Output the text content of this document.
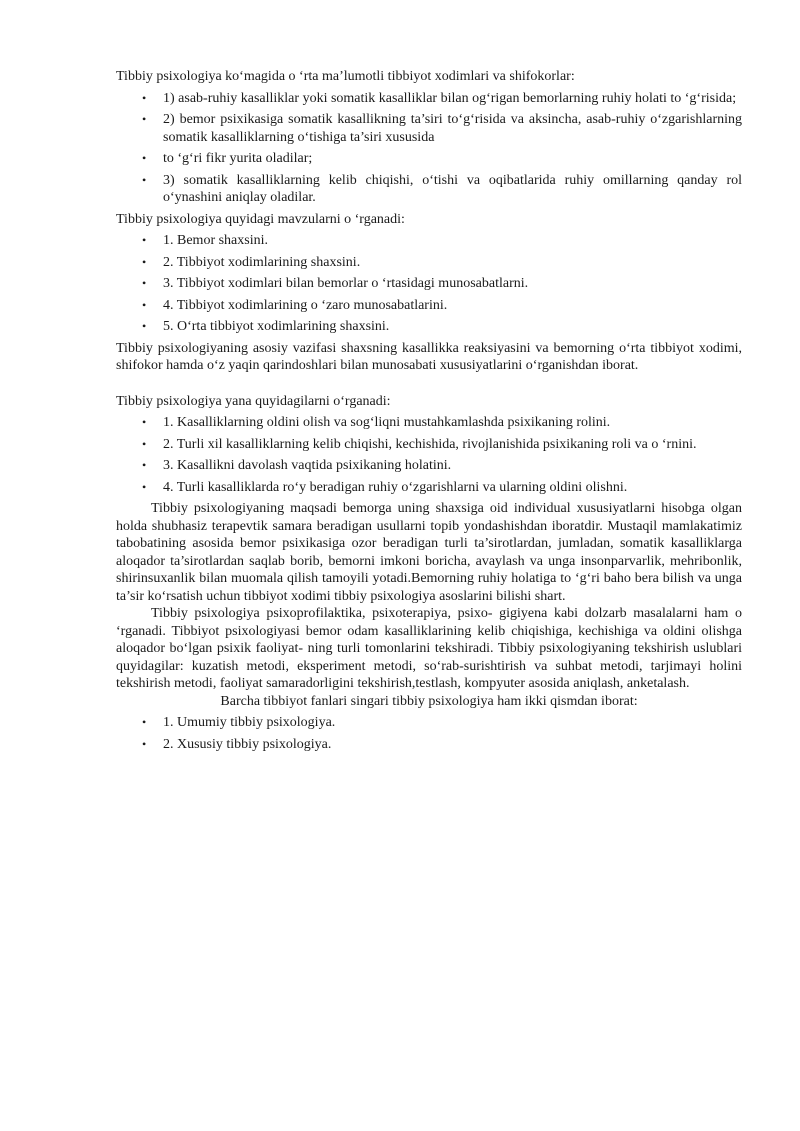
Tibbiy psixologiya ko‘magida o ‘rta ma’lumotli tibbiyot xodimlari va shifokorlar:

• 1) asab-ruhiy kasalliklar yoki somatik kasalliklar bilan og‘rigan bemorlarning ruhiy holati to ‘g‘risida;
• 2) bemor psixikasiga somatik kasallikning ta’siri to‘g‘risida va aksincha, asab-ruhiy o‘zgarishlarning somatik kasalliklarning o‘tishiga ta’siri xususida
• to ‘g‘ri fikr yurita oladilar;
• 3) somatik kasalliklarning kelib chiqishi, o‘tishi va oqibatlarida ruhiy omillarning qanday rol o‘ynashini aniqlay oladilar.

Tibbiy psixologiya quyidagi mavzularni o ‘rganadi:

• 1. Bemor shaxsini.
• 2. Tibbiyot xodimlarining shaxsini.
• 3. Tibbiyot xodimlari bilan bemorlar o ‘rtasidagi munosabatlarni.
• 4. Tibbiyot xodimlarining o ‘zaro munosabatlarini.
• 5. O‘rta tibbiyot xodimlarining shaxsini.

Tibbiy psixologiyaning asosiy vazifasi shaxsning kasallikka reaksiyasini va bemorning o‘rta tibbiyot xodimi, shifokor hamda o‘z yaqin qarindoshlari bilan munosabati xususiyatlarini o‘rganishdan iborat.

Tibbiy psixologiya yana quyidagilarni o‘rganadi:

• 1. Kasalliklarning oldini olish va sog‘liqni mustahkamlashda psixikaning rolini.
• 2. Turli xil kasalliklarning kelib chiqishi, kechishida, rivojlanishida psixikaning roli va o ‘rnini.
• 3. Kasallikni davolash vaqtida psixikaning holatini.
• 4. Turli kasalliklarda ro‘y beradigan ruhiy o‘zgarishlarni va ularning oldini olishni.

Tibbiy psixologiyaning maqsadi bemorga uning shaxsiga oid individual xususiyatlarni hisobga olgan holda shubhasiz terapevtik samara beradigan usullarni topib yondashishdan iboratdir. Mustaqil mamlakatimiz tabobatining asosida bemor psixikasiga ozor beradigan turli ta’sirotlardan, jumladan, somatik kasalliklarga aloqador ta’sirotlardan saqlab borib, bemorni imkoni boricha, avaylash va unga insonparvarlik, mehribonlik, shirinsuxanlik bilan muomala qilish tamoyili yotadi.Bemorning ruhiy holatiga to ‘g‘ri baho bera bilish va unga ta’sir ko‘rsatish uchun tibbiyot xodimi tibbiy psixologiya asoslarini bilishi shart.

Tibbiy psixologiya psixoprofilaktika, psixoterapiya, psixo- gigiyena kabi dolzarb masalalarni ham o ‘rganadi. Tibbiyot psixologiyasi bemor odam kasalliklarining kelib chiqishiga, kechishiga va oldini olishga aloqador bo‘lgan psixik faoliyat- ning turli tomonlarini tekshiradi. Tibbiy psixologiyaning tekshirish uslublari quyidagilar: kuzatish metodi, eksperiment metodi, so‘rab-surishtirish va suhbat metodi, tarjimayi holini tekshirish metodi, faoliyat samaradorligini tekshirish,testlash, kompyuter asosida aniqlash, anketalash.

Barcha tibbiyot fanlari singari tibbiy psixologiya ham ikki qismdan iborat:

• 1. Umumiy tibbiy psixologiya.
• 2. Xususiy tibbiy psixologiya.
